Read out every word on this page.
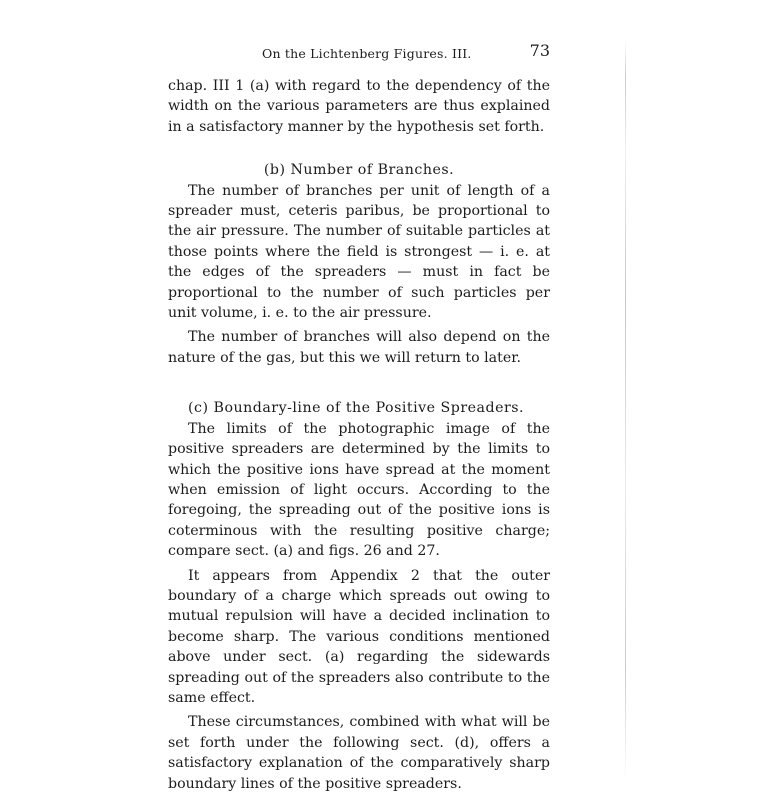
On the Lichtenberg Figures. III.	73

chap. III 1 (a) with regard to the dependency of the width on the various parameters are thus explained in a satisfactory manner by the hypothesis set forth.

(b) Number of Branches.

The number of branches per unit of length of a spreader must, ceteris paribus, be proportional to the air pressure. The number of suitable particles at those points where the field is strongest — i. e. at the edges of the spreaders — must in fact be proportional to the number of such particles per unit volume, i. e. to the air pressure.

The number of branches will also depend on the nature of the gas, but this we will return to later.

(c) Boundary-line of the Positive Spreaders.

The limits of the photographic image of the positive spreaders are determined by the limits to which the positive ions have spread at the moment when emission of light occurs. According to the foregoing, the spreading out of the positive ions is coterminous with the resulting positive charge; compare sect. (a) and figs. 26 and 27.

It appears from Appendix 2 that the outer boundary of a charge which spreads out owing to mutual repulsion will have a decided inclination to become sharp. The various conditions mentioned above under sect. (a) regarding the sidewards spreading out of the spreaders also contribute to the same effect.

These circumstances, combined with what will be set forth under the following sect. (d), offers a satisfactory explanation of the comparatively sharp boundary lines of the positive spreaders.
